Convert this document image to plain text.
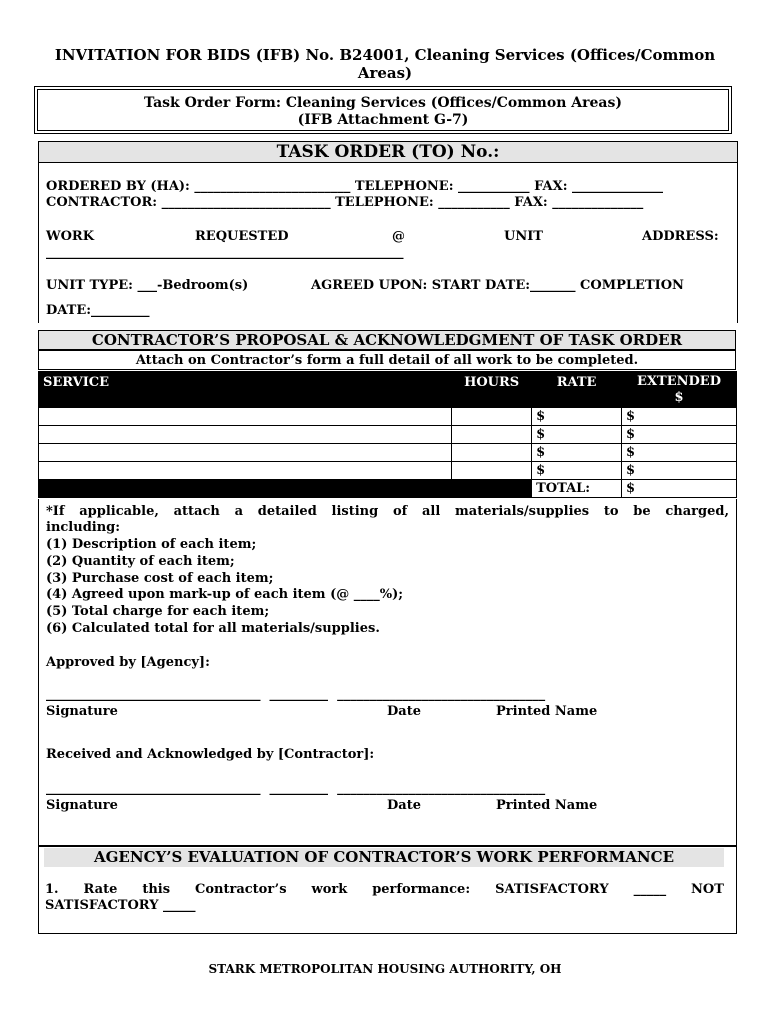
INVITATION FOR BIDS (IFB) No. B24001, Cleaning Services (Offices/Common
Areas)
Task Order Form: Cleaning Services (Offices/Common Areas)
(IFB Attachment G-7)
TASK ORDER (TO) No.:
ORDERED BY (HA): ________________________ TELEPHONE: ___________ FAX: ______________
CONTRACTOR: __________________________ TELEPHONE: ___________ FAX: ______________
WORK	REQUESTED	@	UNIT	ADDRESS:
_______________________________________________________
UNIT TYPE: ___-Bedroom(s)	AGREED UPON: START DATE:_______ COMPLETION
DATE:_________
CONTRACTOR’S PROPOSAL & ACKNOWLEDGMENT OF TASK ORDER
Attach on Contractor’s form a full detail of all work to be completed.
SERVICE	HOURS	RATE	EXTENDED
$

		$	$
		$	$
		$	$
		$	$
		TOTAL:	$
*If applicable, attach a detailed listing of all materials/supplies to be charged,
including:
(1) Description of each item;
(2) Quantity of each item;
(3) Purchase cost of each item;
(4) Agreed upon mark-up of each item (@ ____%);
(5) Total charge for each item;
(6) Calculated total for all materials/supplies.
Approved by [Agency]:
_________________________________  _________  ________________________________
Signature	Date	Printed Name
Received and Acknowledged by [Contractor]:
_________________________________  _________  ________________________________
Signature	Date	Printed Name
AGENCY’S EVALUATION OF CONTRACTOR’S WORK PERFORMANCE
1. Rate this Contractor’s work performance: SATISFACTORY _____ NOT
SATISFACTORY _____
STARK METROPOLITAN HOUSING AUTHORITY, OH
